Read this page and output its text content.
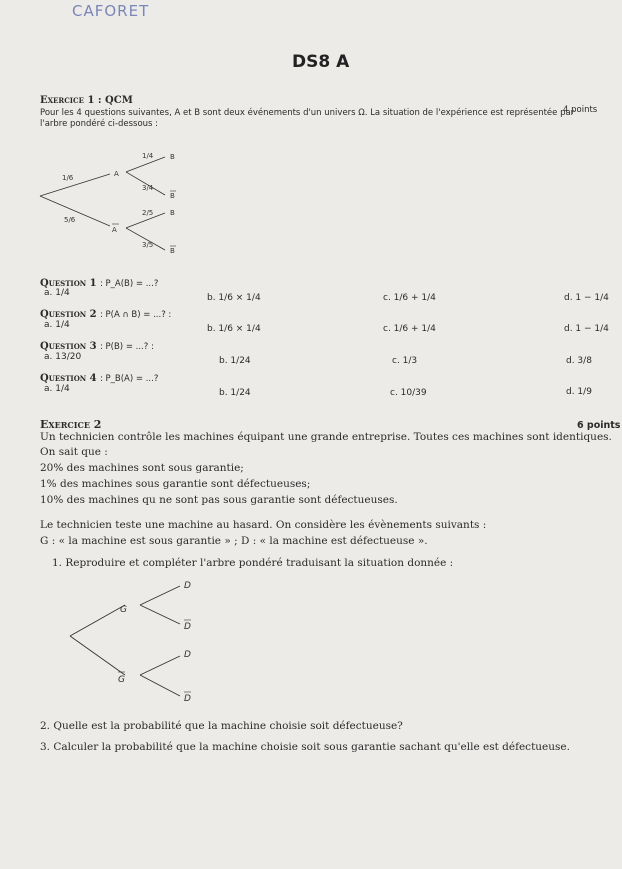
CAFORET
DS8 A
Exercice 1 : QCM
4 points
Pour les 4 questions suivantes, A et B sont deux événements d'un univers Ω. La situation de l'expérience est représentée par
l'arbre pondéré ci-dessous :
1/6
5/6
A
A
1/4
3/4
2/5
3/5
B
B
B
B
Question 1 : P_A(B) = ...?
a. 1/4	b. 1/6 × 1/4	c. 1/6 + 1/4	d. 1 − 1/4
Question 2 : P(A ∩ B) = ...? :
a. 1/4	b. 1/6 × 1/4	c. 1/6 + 1/4	d. 1 − 1/4
Question 3 : P(B) = ...? :
a. 13/20	b. 1/24	c. 1/3	d. 3/8
Question 4 : P_B(A) = ...?
a. 1/4	b. 1/24	c. 10/39	d. 1/9
Exercice 2	6 points
Un technicien contrôle les machines équipant une grande entreprise. Toutes ces machines sont identiques.
On sait que :
20% des machines sont sous garantie;
1% des machines sous garantie sont défectueuses;
10% des machines qu ne sont pas sous garantie sont défectueuses.
Le technicien teste une machine au hasard. On considère les évènements suivants :
G : « la machine est sous garantie » ; D : « la machine est défectueuse ».
1. Reproduire et compléter l'arbre pondéré traduisant la situation donnée :
G
G
D
D
D
D
2. Quelle est la probabilité que la machine choisie soit défectueuse?
3. Calculer la probabilité que la machine choisie soit sous garantie sachant qu'elle est défectueuse.
